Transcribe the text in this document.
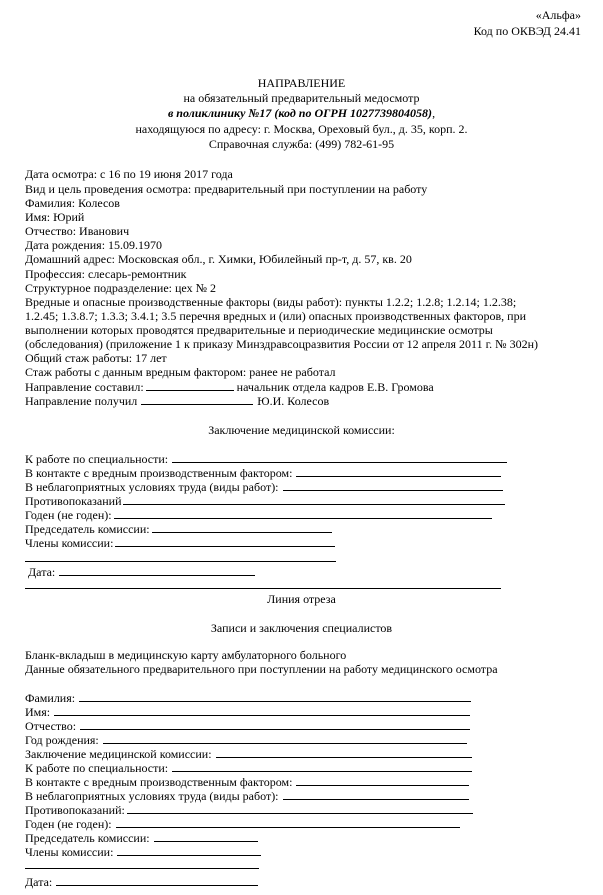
«Альфа»
Код по ОКВЭД 24.41
НАПРАВЛЕНИЕ
на обязательный предварительный медосмотр
в поликлинику №17 (код по ОГРН 1027739804058),
находящуюся по адресу: г. Москва, Ореховый бул., д. 35, корп. 2.
Справочная служба: (499) 782-61-95
Дата осмотра: с 16 по 19 июня 2017 года
Вид и цель проведения осмотра: предварительный при поступлении на работу
Фамилия: Колесов
Имя: Юрий
Отчество: Иванович
Дата рождения: 15.09.1970
Домашний адрес: Московская обл., г. Химки, Юбилейный пр-т, д. 57, кв. 20
Профессия: слесарь-ремонтник
Структурное подразделение: цех № 2
Вредные и опасные производственные факторы (виды работ): пункты 1.2.2; 1.2.8; 1.2.14; 1.2.38;
1.2.45; 1.3.8.7; 1.3.3; 3.4.1; 3.5 перечня вредных и (или) опасных производственных факторов, при
выполнении которых проводятся предварительные и периодические медицинские осмотры
(обследования) (приложение 1 к приказу Минздравсоцразвития России от 12 апреля 2011 г. № 302н)
Общий стаж работы: 17 лет
Стаж работы с данным вредным фактором: ранее не работал
Направление составил:	начальник отдела кадров Е.В. Громова
Направление получил	Ю.И. Колесов
Заключение медицинской комиссии:
К работе по специальности:
В контакте с вредным производственным фактором:
В неблагоприятных условиях труда (виды работ):
Противопоказаний
Годен (не годен):
Председатель комиссии:
Члены комиссии:
Дата:
Линия отреза
Записи и заключения специалистов
Бланк-вкладыш в медицинскую карту амбулаторного больного
Данные обязательного предварительного при поступлении на работу медицинского осмотра
Фамилия:
Имя:
Отчество:
Год рождения:
Заключение медицинской комиссии:
К работе по специальности:
В контакте с вредным производственным фактором:
В неблагоприятных условиях труда (виды работ):
Противопоказаний:
Годен (не годен):
Председатель комиссии:
Члены комиссии:
Дата:
